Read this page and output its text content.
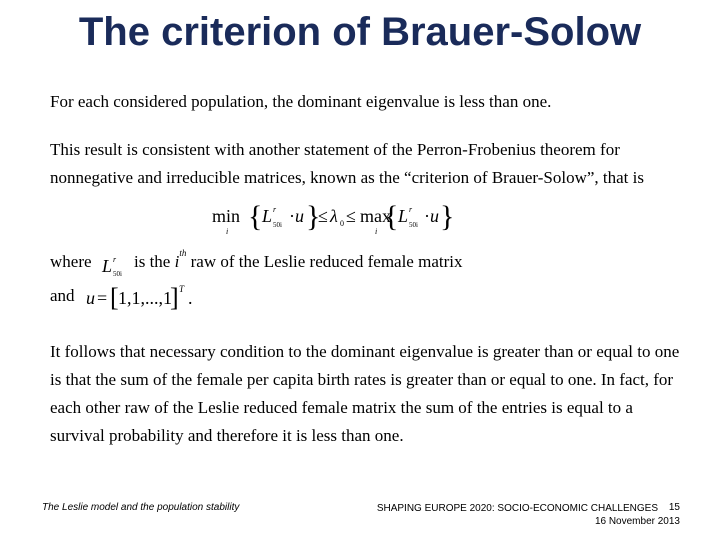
The criterion of Brauer-Solow
For each considered population, the dominant eigenvalue is less than one.
This result is consistent with another statement of the Perron-Frobenius theorem for nonnegative and irreducible matrices, known as the “criterion of Brauer-Solow”, that is
min
i { L r
50i · u }
≤ λ 0 ≤ max
i { L r
50i · u }
where L r
50i
is the $i^{th}$ raw of the Leslie reduced female matrix
and u = [ 1,1,...,1
] T .
It follows that necessary condition to the dominant eigenvalue is greater than or equal to one is that the sum of the female per capita birth rates is greater than or equal to one. In fact, for each other raw of the Leslie reduced female matrix the sum of the entries is equal to a survival probability and therefore it is less than one.
The Leslie model and the population stability	SHAPING EUROPE 2020: SOCIO-ECONOMIC CHALLENGES
16 November 2013
15
